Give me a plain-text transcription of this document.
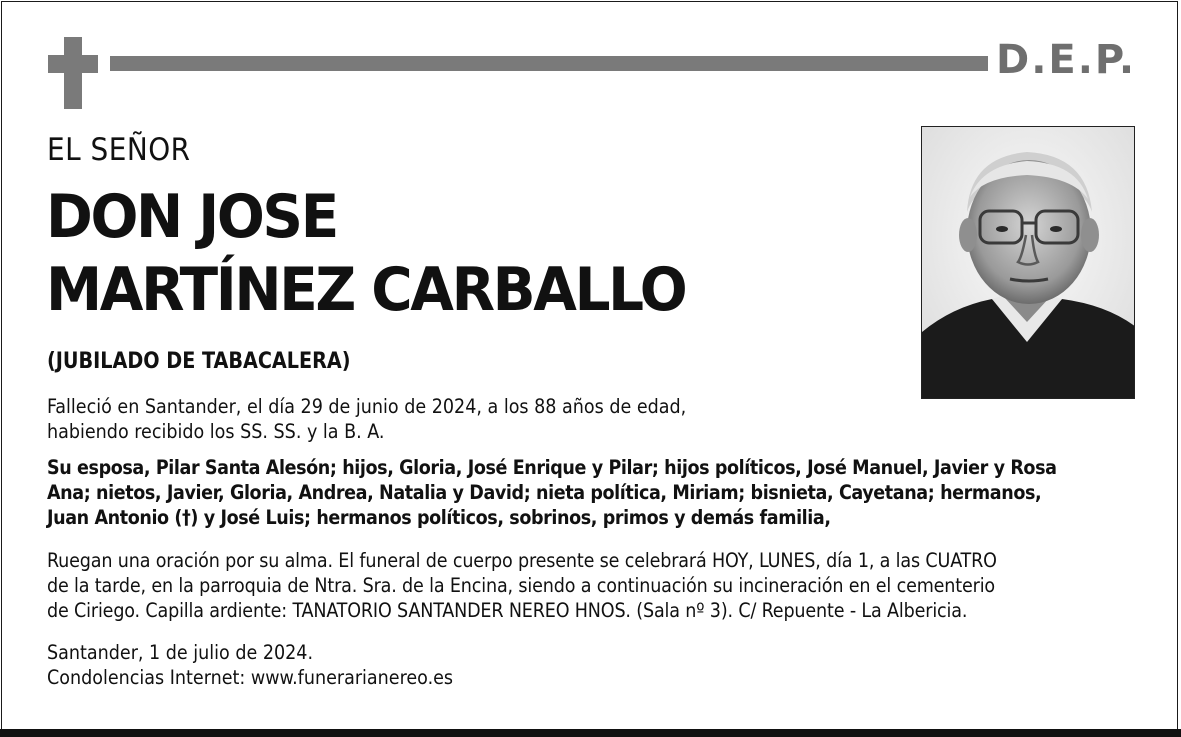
D.E.P.
EL SEÑOR
DON JOSE
MARTÍNEZ CARBALLO
(JUBILADO DE TABACALERA)
Falleció en Santander, el día 29 de junio de 2024, a los 88 años de edad,
habiendo recibido los SS. SS. y la B. A.
Su esposa, Pilar Santa Alesón; hijos, Gloria, José Enrique y Pilar; hijos políticos, José Manuel, Javier y Rosa
Ana; nietos, Javier, Gloria, Andrea, Natalia y David; nieta política, Miriam; bisnieta, Cayetana; hermanos,
Juan Antonio (†) y José Luis; hermanos políticos, sobrinos, primos y demás familia,
Ruegan una oración por su alma. El funeral de cuerpo presente se celebrará HOY, LUNES, día 1, a las CUATRO
de la tarde, en la parroquia de Ntra. Sra. de la Encina, siendo a continuación su incineración en el cementerio
de Ciriego. Capilla ardiente: TANATORIO SANTANDER NEREO HNOS. (Sala nº 3). C/ Repuente - La Albericia.
Santander, 1 de julio de 2024.
Condolencias Internet: www.funerarianereo.es
